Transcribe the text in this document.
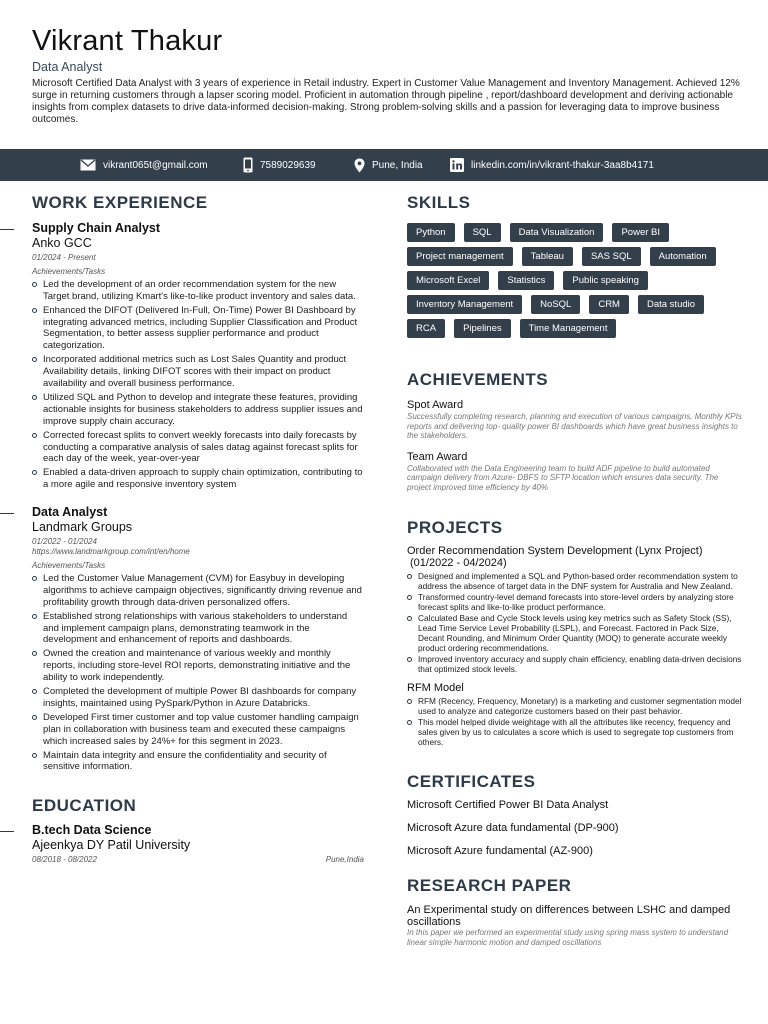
Vikrant Thakur
Data Analyst
Microsoft Certified Data Analyst with 3 years of experience in Retail industry. Expert in Customer Value Management and Inventory Management. Achieved 12% surge in returning customers through a lapser scoring model. Proficient in automation through pipeline , report/dashboard development and deriving actionable insights from complex datasets to drive data-informed decision-making. Strong problem-solving skills and a passion for leveraging data to improve business outcomes.
vikrant065t@gmail.com	7589029639	Pune, India	linkedin.com/in/vikrant-thakur-3aa8b4171
WORK EXPERIENCE
Supply Chain Analyst
Anko GCC
01/2024 - Present
Achievements/Tasks
Led the development of an order recommendation system for the new Target brand, utilizing Kmart's like-to-like product inventory and sales data.
Enhanced the DIFOT (Delivered In-Full, On-Time) Power BI Dashboard by integrating advanced metrics, including Supplier Classification and Product Segmentation, to better assess supplier performance and product categorization.
Incorporated additional metrics such as Lost Sales Quantity and product Availability details, linking DIFOT scores with their impact on product availability and overall business performance.
Utilized SQL and Python to develop and integrate these features, providing actionable insights for business stakeholders to address supplier issues and improve supply chain accuracy.
Corrected forecast splits to convert weekly forecasts into daily forecasts by conducting a comparative analysis of sales datag against forecast splits for each day of the week, year-over-year
Enabled a data-driven approach to supply chain optimization, contributing to a more agile and responsive inventory system
Data Analyst
Landmark Groups
01/2022 - 01/2024
https://www.landmarkgroup.com/int/en/home
Achievements/Tasks
Led the Customer Value Management (CVM) for Easybuy in developing algorithms to achieve campaign objectives, significantly driving revenue and profitability growth through data-driven personalized offers.
Established strong relationships with various stakeholders to understand and implement campaign plans, demonstrating teamwork in the development and enhancement of reports and dashboards.
Owned the creation and maintenance of various weekly and monthly reports, including store-level ROI reports, demonstrating initiative and the ability to work independently.
Completed the development of multiple Power BI dashboards for company insights, maintained using PySpark/Python in Azure Databricks.
Developed First timer customer and top value customer handling campaign plan in collaboration with business team and executed these campaigns which increased sales by 24%+ for this segment in 2023.
Maintain data integrity and ensure the confidentiality and security of sensitive information.
EDUCATION
B.tech Data Science
Ajeenkya DY Patil University
08/2018 - 08/2022	Pune,India
SKILLS
Python	SQL	Data Visualization	Power BI
Project management	Tableau	SAS SQL	Automation
Microsoft Excel	Statistics	Public speaking
Inventory Management	NoSQL	CRM	Data studio
RCA	Pipelines	Time Management
ACHIEVEMENTS
Spot Award
Successfully completing research, planning and execution of various campaigns, Monthly KPIs reports and delivering top- quality power BI dashboards which have great business insights to the stakeholders.
Team Award
Collaborated with the Data Engineering team to build ADF pipeline to build automated campaign delivery from Azure- DBFS to SFTP location which ensures data security. The project improved time efficiency by 40%
PROJECTS
Order Recommendation System Development (Lynx Project)
(01/2022 - 04/2024)
Designed and implemented a SQL and Python-based order recommendation system to address the absence of target data in the DNF system for Australia and New Zealand.
Transformed country-level demand forecasts into store-level orders by analyzing store forecast splits and like-to-like product performance.
Calculated Base and Cycle Stock levels using key metrics such as Safety Stock (SS), Lead Time Service Level Probability (LSPL), and Forecast. Factored in Pack Size, Decant Rounding, and Minimum Order Quantity (MOQ) to generate accurate weekly product ordering recommendations.
Improved inventory accuracy and supply chain efficiency, enabling data-driven decisions that optimized stock levels.
RFM Model
RFM (Recency, Frequency, Monetary) is a marketing and customer segmentation model used to analyze and categorize customers based on their past behavior.
This model helped divide weightage with all the attributes like recency, frequency and sales given by us to calculates a score which is used to segregate top customers from others.
CERTIFICATES
Microsoft Certified Power BI Data Analyst
Microsoft Azure data fundamental (DP-900)
Microsoft Azure fundamental (AZ-900)
RESEARCH PAPER
An Experimental study on differences between LSHC and damped oscillations
In this paper we performed an experimental study using spring mass system to understand linear simple harmonic motion and damped oscillations
